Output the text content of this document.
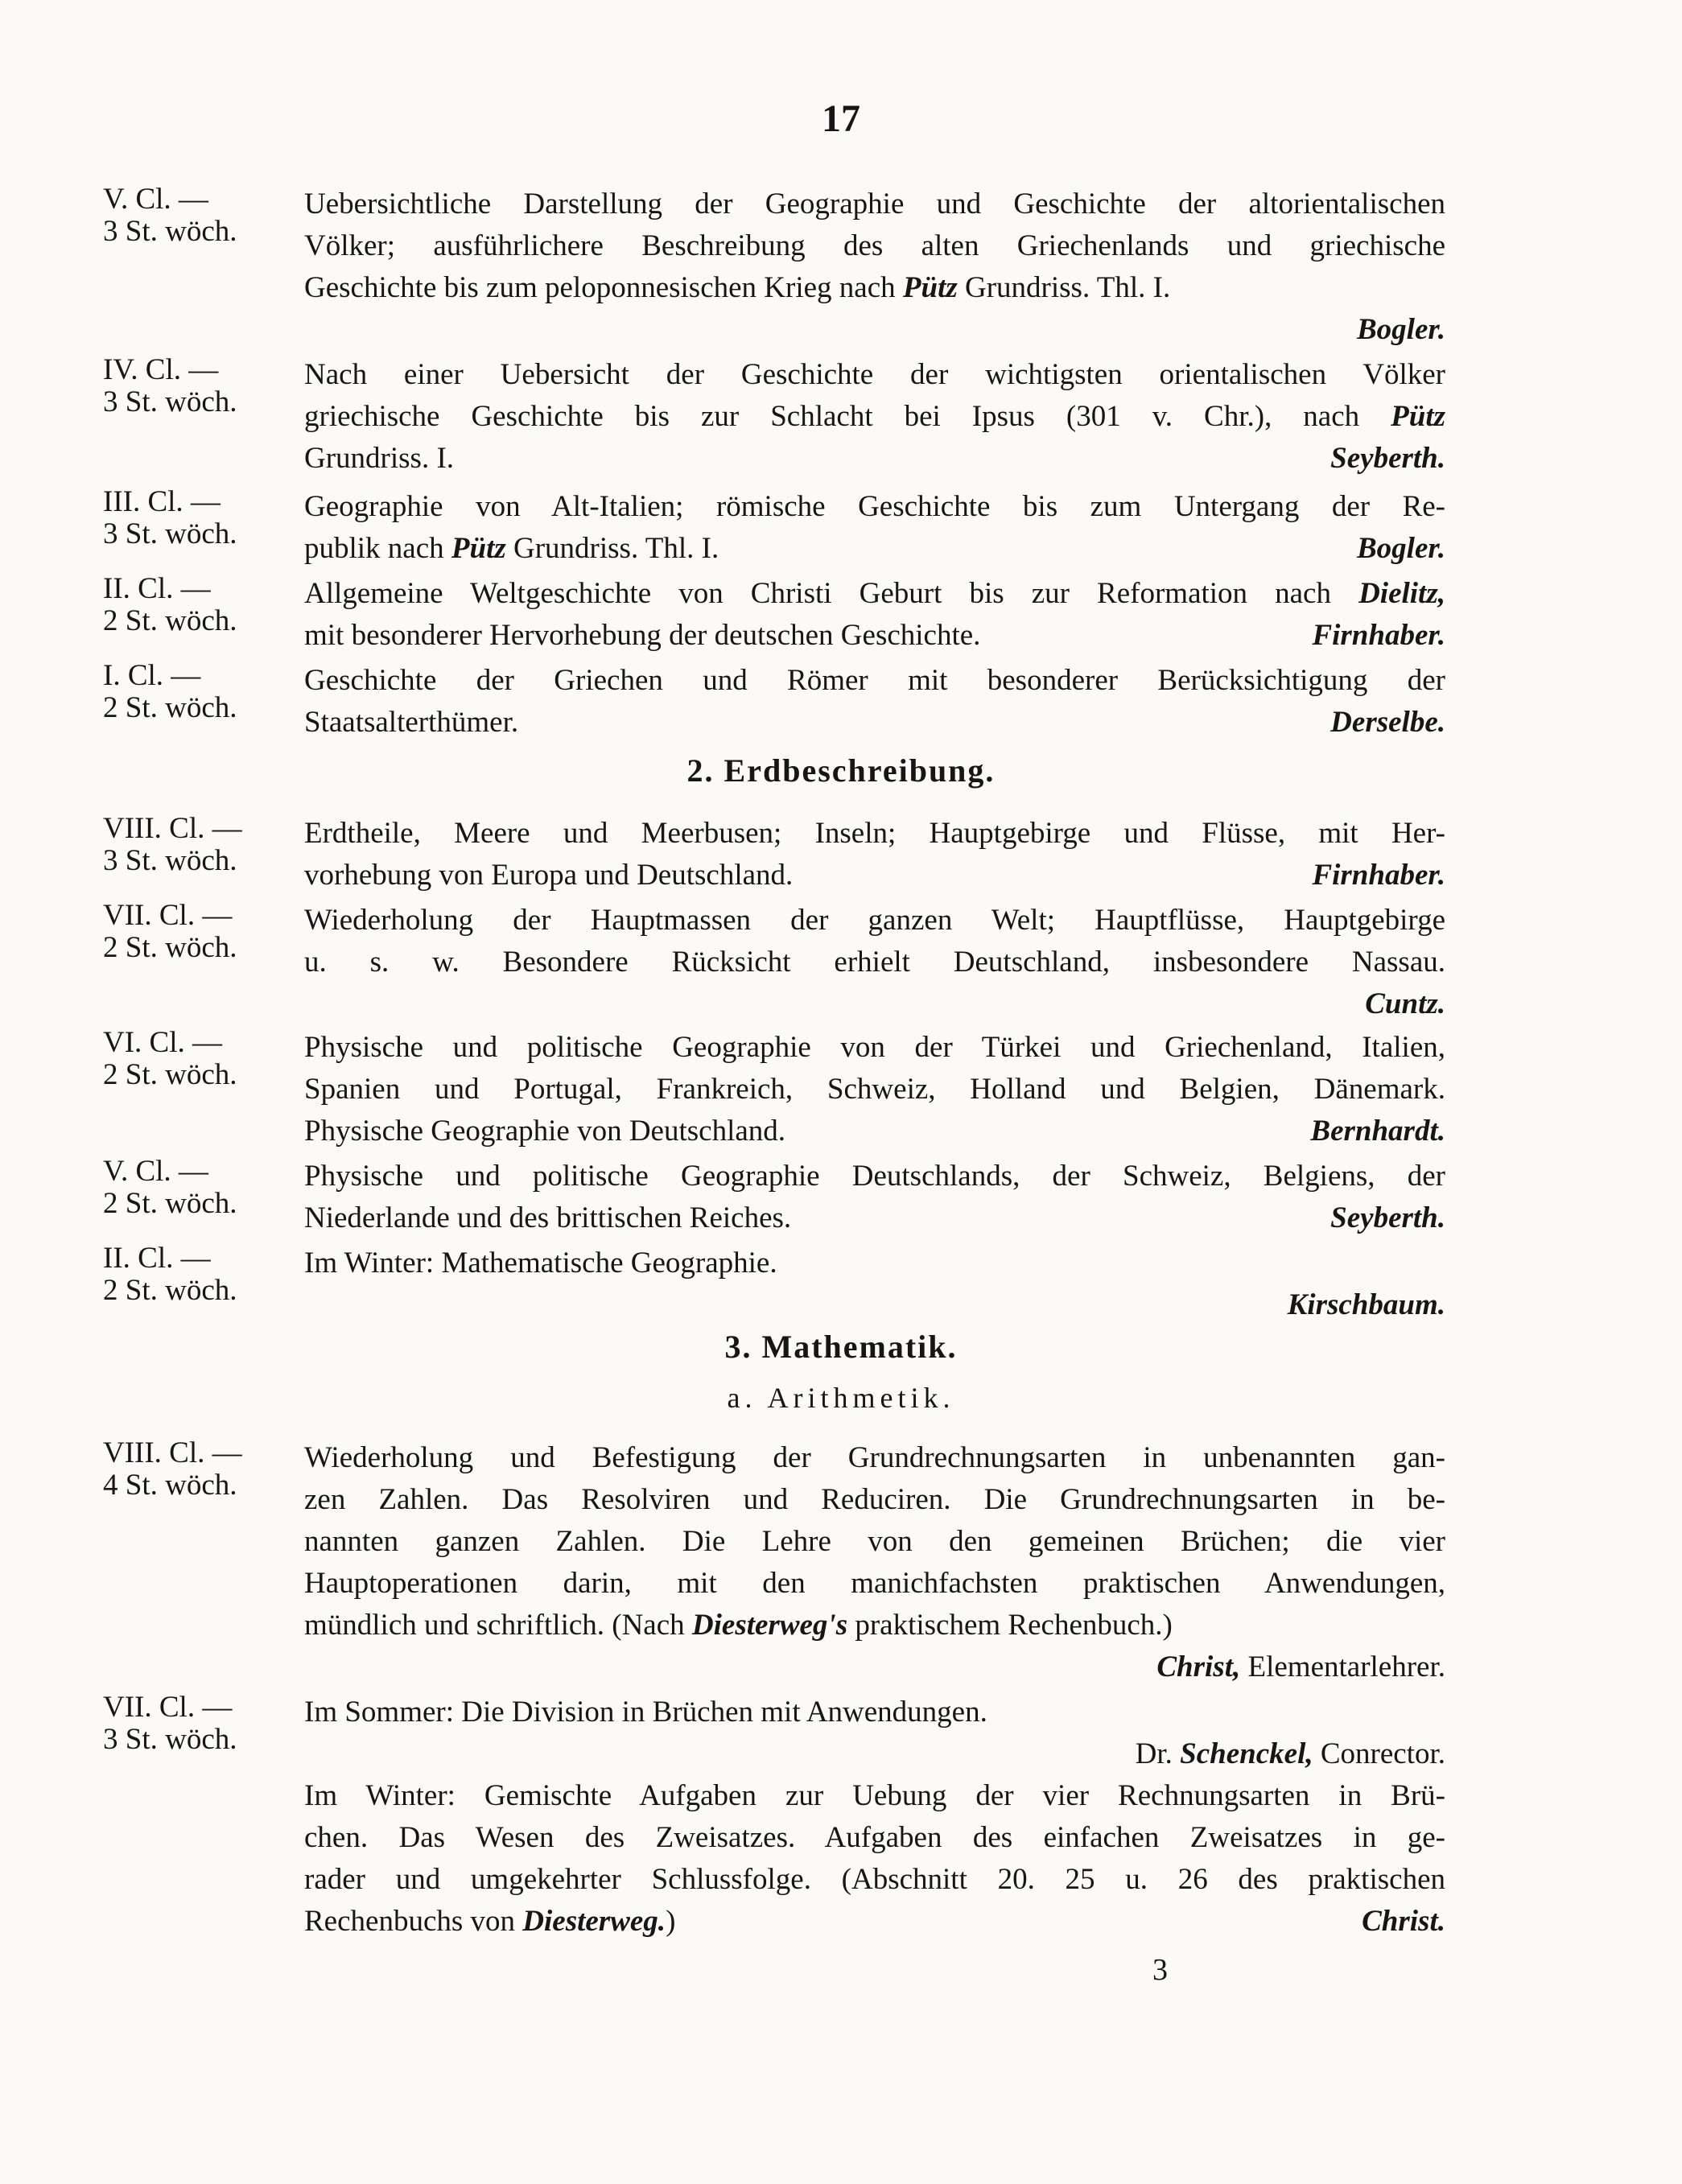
17
V. Cl. —
3 St. wöch.
Uebersichtliche Darstellung der Geographie und Geschichte der altorientalischen
Völker; ausführlichere Beschreibung des alten Griechenlands und griechische
Geschichte bis zum peloponnesischen Krieg nach Pütz Grundriss. Thl. I.
Bogler.
IV. Cl. —
3 St. wöch.
Nach einer Uebersicht der Geschichte der wichtigsten orientalischen Völker
griechische Geschichte bis zur Schlacht bei Ipsus (301 v. Chr.), nach Pütz
Grundriss. I.	Seyberth.
III. Cl. —
3 St. wöch.
Geographie von Alt-Italien; römische Geschichte bis zum Untergang der Re-
publik nach Pütz Grundriss. Thl. I.	Bogler.
II. Cl. —
2 St. wöch.
Allgemeine Weltgeschichte von Christi Geburt bis zur Reformation nach Dielitz,
mit besonderer Hervorhebung der deutschen Geschichte.	Firnhaber.
I. Cl. —
2 St. wöch.
Geschichte der Griechen und Römer mit besonderer Berücksichtigung der
Staatsalterthümer.	Derselbe.
2. Erdbeschreibung.
VIII. Cl. —
3 St. wöch.
Erdtheile, Meere und Meerbusen; Inseln; Hauptgebirge und Flüsse, mit Her-
vorhebung von Europa und Deutschland.	Firnhaber.
VII. Cl. —
2 St. wöch.
Wiederholung der Hauptmassen der ganzen Welt; Hauptflüsse, Hauptgebirge
u. s. w. Besondere Rücksicht erhielt Deutschland, insbesondere Nassau.
Cuntz.
VI. Cl. —
2 St. wöch.
Physische und politische Geographie von der Türkei und Griechenland, Italien,
Spanien und Portugal, Frankreich, Schweiz, Holland und Belgien, Dänemark.
Physische Geographie von Deutschland.	Bernhardt.
V. Cl. —
2 St. wöch.
Physische und politische Geographie Deutschlands, der Schweiz, Belgiens, der
Niederlande und des brittischen Reiches.	Seyberth.
II. Cl. —
2 St. wöch.
Im Winter: Mathematische Geographie.
Kirschbaum.
3. Mathematik.
a. Arithmetik.
VIII. Cl. —
4 St. wöch.
Wiederholung und Befestigung der Grundrechnungsarten in unbenannten gan-
zen Zahlen. Das Resolviren und Reduciren. Die Grundrechnungsarten in be-
nannten ganzen Zahlen. Die Lehre von den gemeinen Brüchen; die vier
Hauptoperationen darin, mit den manichfachsten praktischen Anwendungen,
mündlich und schriftlich. (Nach Diesterweg's praktischem Rechenbuch.)
Christ, Elementarlehrer.
VII. Cl. —
3 St. wöch.
Im Sommer: Die Division in Brüchen mit Anwendungen.
Dr. Schenckel, Conrector.
Im Winter: Gemischte Aufgaben zur Uebung der vier Rechnungsarten in Brü-
chen. Das Wesen des Zweisatzes. Aufgaben des einfachen Zweisatzes in ge-
rader und umgekehrter Schlussfolge. (Abschnitt 20. 25 u. 26 des praktischen
Rechenbuchs von Diesterweg.)	Christ.
3
